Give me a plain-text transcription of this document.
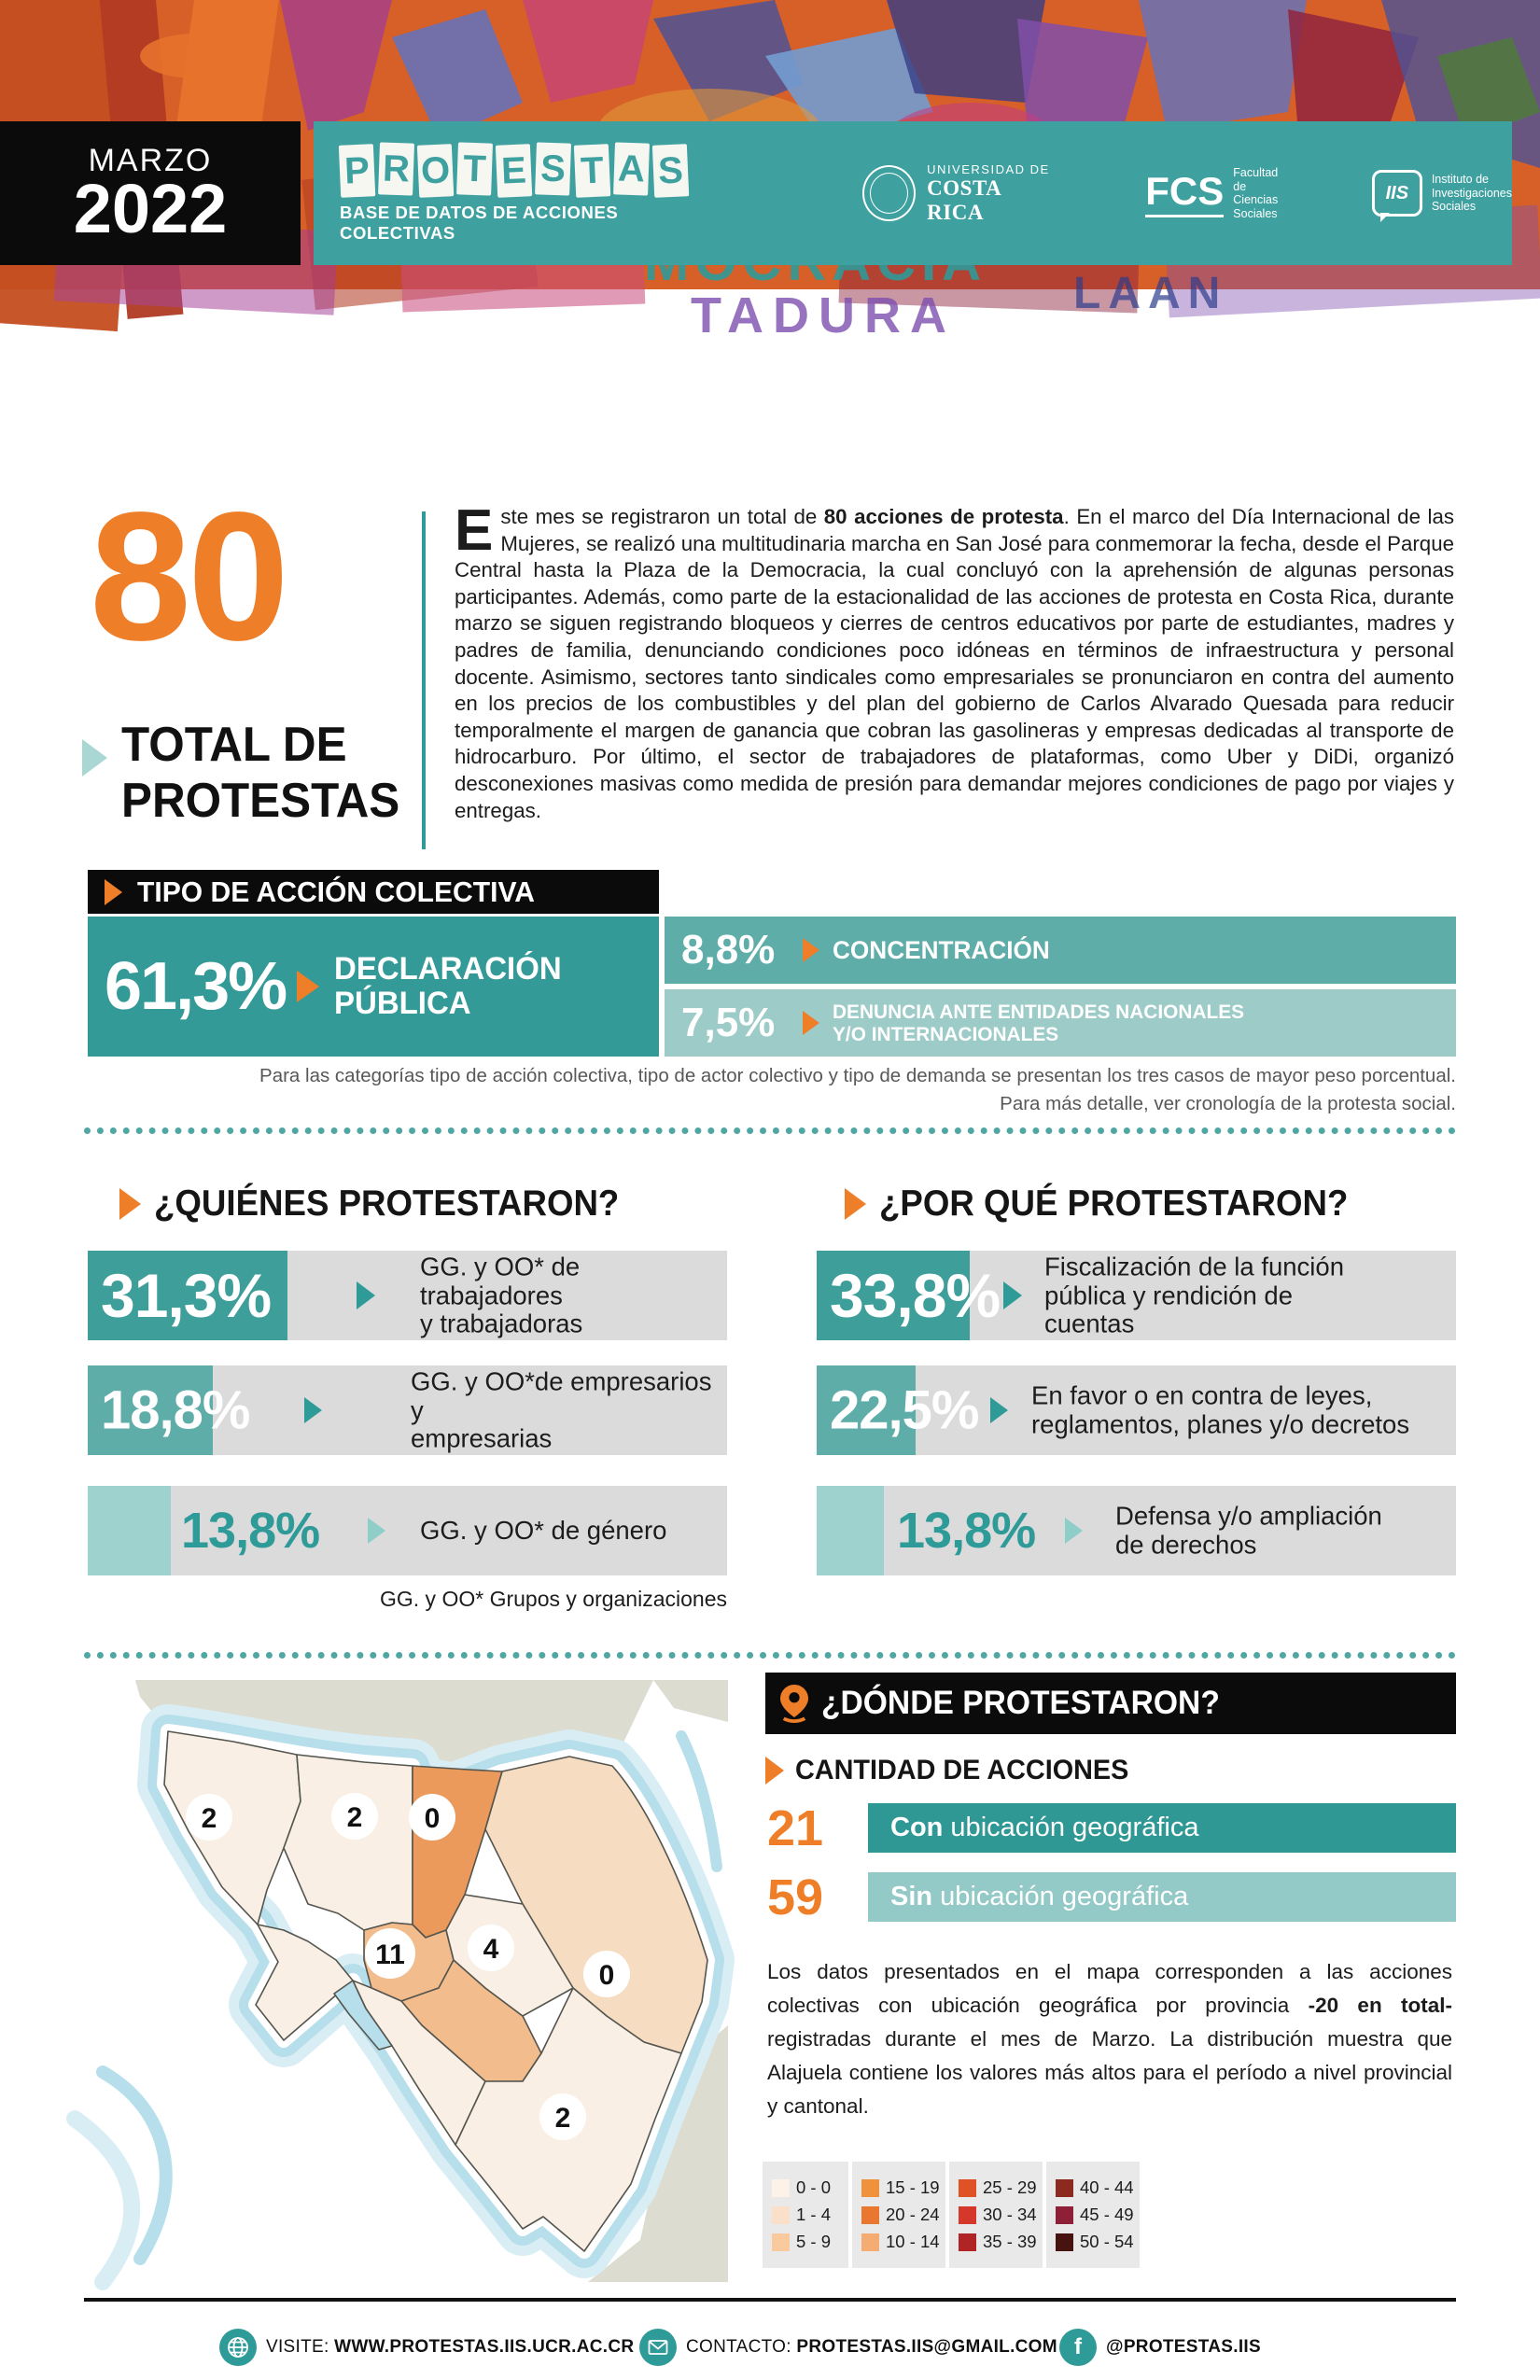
TADURA	LAAN
MARZO
2022
P R O T E S T A S
BASE DE DATOS DE ACCIONES COLECTIVAS
UNIVERSIDAD DE
COSTA RICA	FCS Facultad de
Ciencias
Sociales
IIS
Instituto de
Investigaciones
Sociales
80
TOTAL DE
PROTESTAS
Este mes se registraron un total de 80 acciones de protesta. En el marco del Día Internacional de las Mujeres, se realizó una multitudinaria marcha en San José para conmemorar la fecha, desde el Parque Central hasta la Plaza de la Democracia, la cual concluyó con la aprehensión de algunas personas participantes. Además, como parte de la estacionalidad de las acciones de protesta en Costa Rica, durante marzo se siguen registrando bloqueos y cierres de centros educativos por parte de estudiantes, madres y padres de familia, denunciando condiciones poco idóneas en términos de infraestructura y personal docente. Asimismo, sectores tanto sindicales como empresariales se pronunciaron en contra del aumento en los precios de los combustibles y del plan del gobierno de Carlos Alvarado Quesada para reducir temporalmente el margen de ganancia que cobran las gasolineras y empresas dedicadas al transporte de hidrocarburo. Por último, el sector de trabajadores de plataformas, como Uber y DiDi, organizó desconexiones masivas como medida de presión para demandar mejores condiciones de pago por viajes y entregas.
TIPO DE ACCIÓN COLECTIVA
61,3% DECLARACIÓN
PÚBLICA
8,8%	CONCENTRACIÓN
7,5%	DENUNCIA ANTE ENTIDADES NACIONALES
Y/O INTERNACIONALES
Para las categorías tipo de acción colectiva, tipo de actor colectivo y tipo de demanda se presentan los tres casos de mayor peso porcentual.
Para más detalle, ver cronología de la protesta social.
¿QUIÉNES PROTESTARON?
31,3%	GG. y OO* de trabajadores
y trabajadoras
18,8%	GG. y OO*de empresarios y
empresarias
13,8%	GG. y OO* de género
GG. y OO* Grupos y organizaciones
¿POR QUÉ PROTESTARON?
33,8% Fiscalización de la función
pública y rendición de
cuentas
22,5% En favor o en contra de leyes,
reglamentos, planes y/o decretos
13,8%	Defensa y/o ampliación
de derechos
2	2 0
11	4
0
2
¿DÓNDE PROTESTARON?
CANTIDAD DE ACCIONES
21 Con ubicación geográfica
59 Sin ubicación geográfica
Los datos presentados en el mapa corresponden a las acciones colectivas con ubicación geográfica por provincia -20 en total- registradas durante el mes de Marzo. La distribución muestra que Alajuela contiene los valores más altos para el período a nivel provincial y cantonal.
0 - 0
1 - 4
5 - 9
15 - 19
20 - 24
10 - 14
25 - 29
30 - 34
35 - 39
40 - 44
45 - 49
50 - 54
VISITE: WWW.PROTESTAS.IIS.UCR.AC.CR	CONTACTO: PROTESTAS.IIS@GMAIL.COM f	@PROTESTAS.IIS
